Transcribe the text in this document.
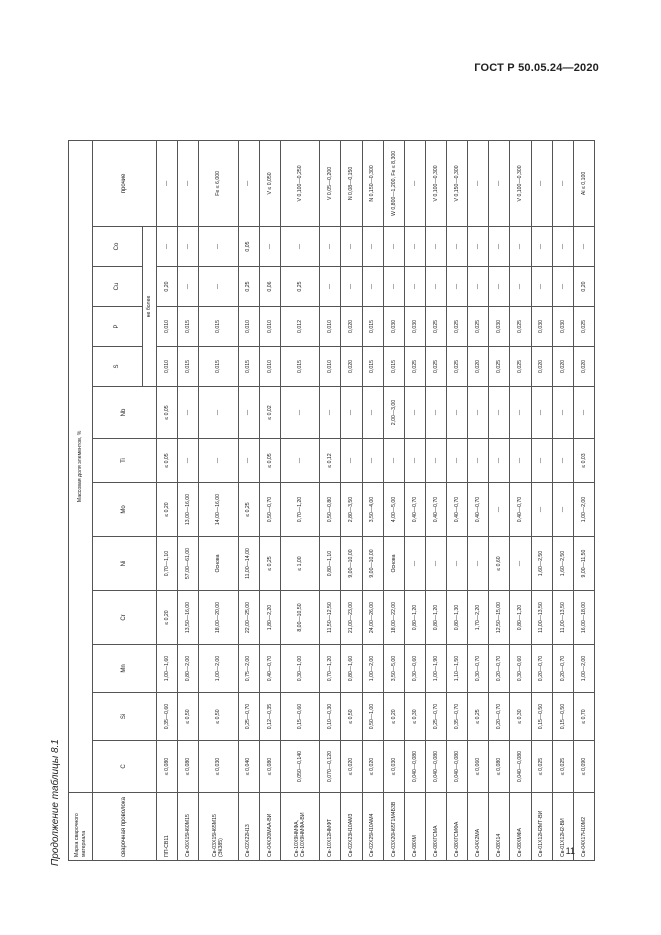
ГОСТ Р 50.05.24—2020
Продолжение таблицы 8.1	Марка сварочного материала	Массовая доля элементов, %												
сварочная проволока	C	Si	Mn	Cr	Ni	Mo	Ti	Nb	S	P	Cu	Co	прочие
									не более				
ПП-СВ11	≤ 0,080	0,35—0,60	1,00—1,60	≤ 0,20	0,70—1,10	≤ 0,20	≤ 0,05	≤ 0,05	0,010	0,010	0,20	—	—
Св-06Х15Н60М15	≤ 0,080	≤ 0,50	0,80—2,00	13,50—16,00	57,00—61,00	13,00—16,00	—	—	0,015	0,015	—	—	—
Св-03Х15Н65М15 (ЭК385)	≤ 0,030	≤ 0,50	1,00—2,00	18,00—20,00	Основа	14,00—16,00	—	—	0,015	0,015	—	—	Fe ≤ 6,000
Св-02Х22Н13	≤ 0,040	0,25—0,70	0,75—2,00	22,00—25,00	11,00—14,00	≤ 0,25	—	—	0,015	0,010	0,25	0,05	—
Св-04Х20МАА-ВИ	≤ 0,080	0,12—0,35	0,40—0,70	1,80—2,20	≤ 0,25	0,50—0,70	≤ 0,05	≤ 0,02	0,010	0,010	0,06	—	V ≤ 0,050
Св-10Х9НМФА, Св-10Х9НМФА-ВИ	0,050—0,140	0,15—0,60	0,30—1,00	8,00—10,50	≤ 1,00	0,70—1,20	—	—	0,015	0,012	0,25	—	V 0,100—0,250
Св-10Х12НМФТ	0,070—0,120	0,10—0,30	0,70—1,20	11,50—12,50	0,80—1,10	0,50—0,80	≤ 0,12	—	0,010	0,010	—	—	V 0,05—0,200
Св-02Х23Н10АМ3	≤ 0,020	≤ 0,50	0,80—1,60	21,00—23,00	9,00—10,00	2,80—3,50	—	—	0,020	0,020	—	—	N 0,08—0,150
Св-02Х25Н10АМ4	≤ 0,020	0,50—1,00	1,00—2,00	24,00—26,00	9,00—10,00	3,50—4,00	—	—	0,015	0,015	—	—	N 0,150—0,300
Св-03Х20Н65Г1М4Б3В	≤ 0,030	≤ 0,20	3,50—5,00	18,00—22,00	Основа	4,00—5,00	—	2,00—3,00	0,015	0,030	—	—	W 0,800—1,200, Fe ≤ 8,300
Св-08ХМ	0,040—0,080	≤ 0,30	0,30—0,60	0,80—1,20	—	0,40—0,70	—	—	0,025	0,030	—	—	—
Св-08ХГСМА	0,040—0,080	0,25—0,70	1,00—1,90	0,80—1,20	—	0,40—0,70	—	—	0,025	0,025	—	—	V 0,100—0,300
Св-08ХГСМФА	0,040—0,080	0,35—0,70	1,10—1,50	0,80—1,30	—	0,40—0,70	—	—	0,025	0,025	—	—	V 0,150—0,300
Св-04Х2МА	≤ 0,060	≤ 0,25	0,30—0,70	1,70—2,20	—	0,40—0,70	—	—	0,020	0,025	—	—	—
Св-08Х14	≤ 0,080	0,20—0,70	0,20—0,70	12,50—15,00	≤ 0,60	—	—	—	0,025	0,030	—	—	—
Св-08ХМФА	0,040—0,080	≤ 0,30	0,30—0,60	0,80—1,20	—	0,40—0,70	—	—	0,025	0,025	—	—	V 0,100—0,300
Св-01Х12Н2МТ-ВИ	≤ 0,025	0,15—0,50	0,20—0,70	11,00—13,50	1,60—2,50	—	—	—	0,020	0,030	—	—	—
Св-01Х12Н2-ВИ	≤ 0,025	0,15—0,50	0,20—0,70	11,00—13,50	1,60—2,50	—	—	—	0,020	0,030	—	—	—
Св-04Х17Н10М2	≤ 0,090	≤ 0,70	1,00—2,00	16,00—18,00	9,00—11,50	1,00—2,00	≤ 0,03	—	0,020	0,025	0,20	—	Al ≤ 0,100
11
